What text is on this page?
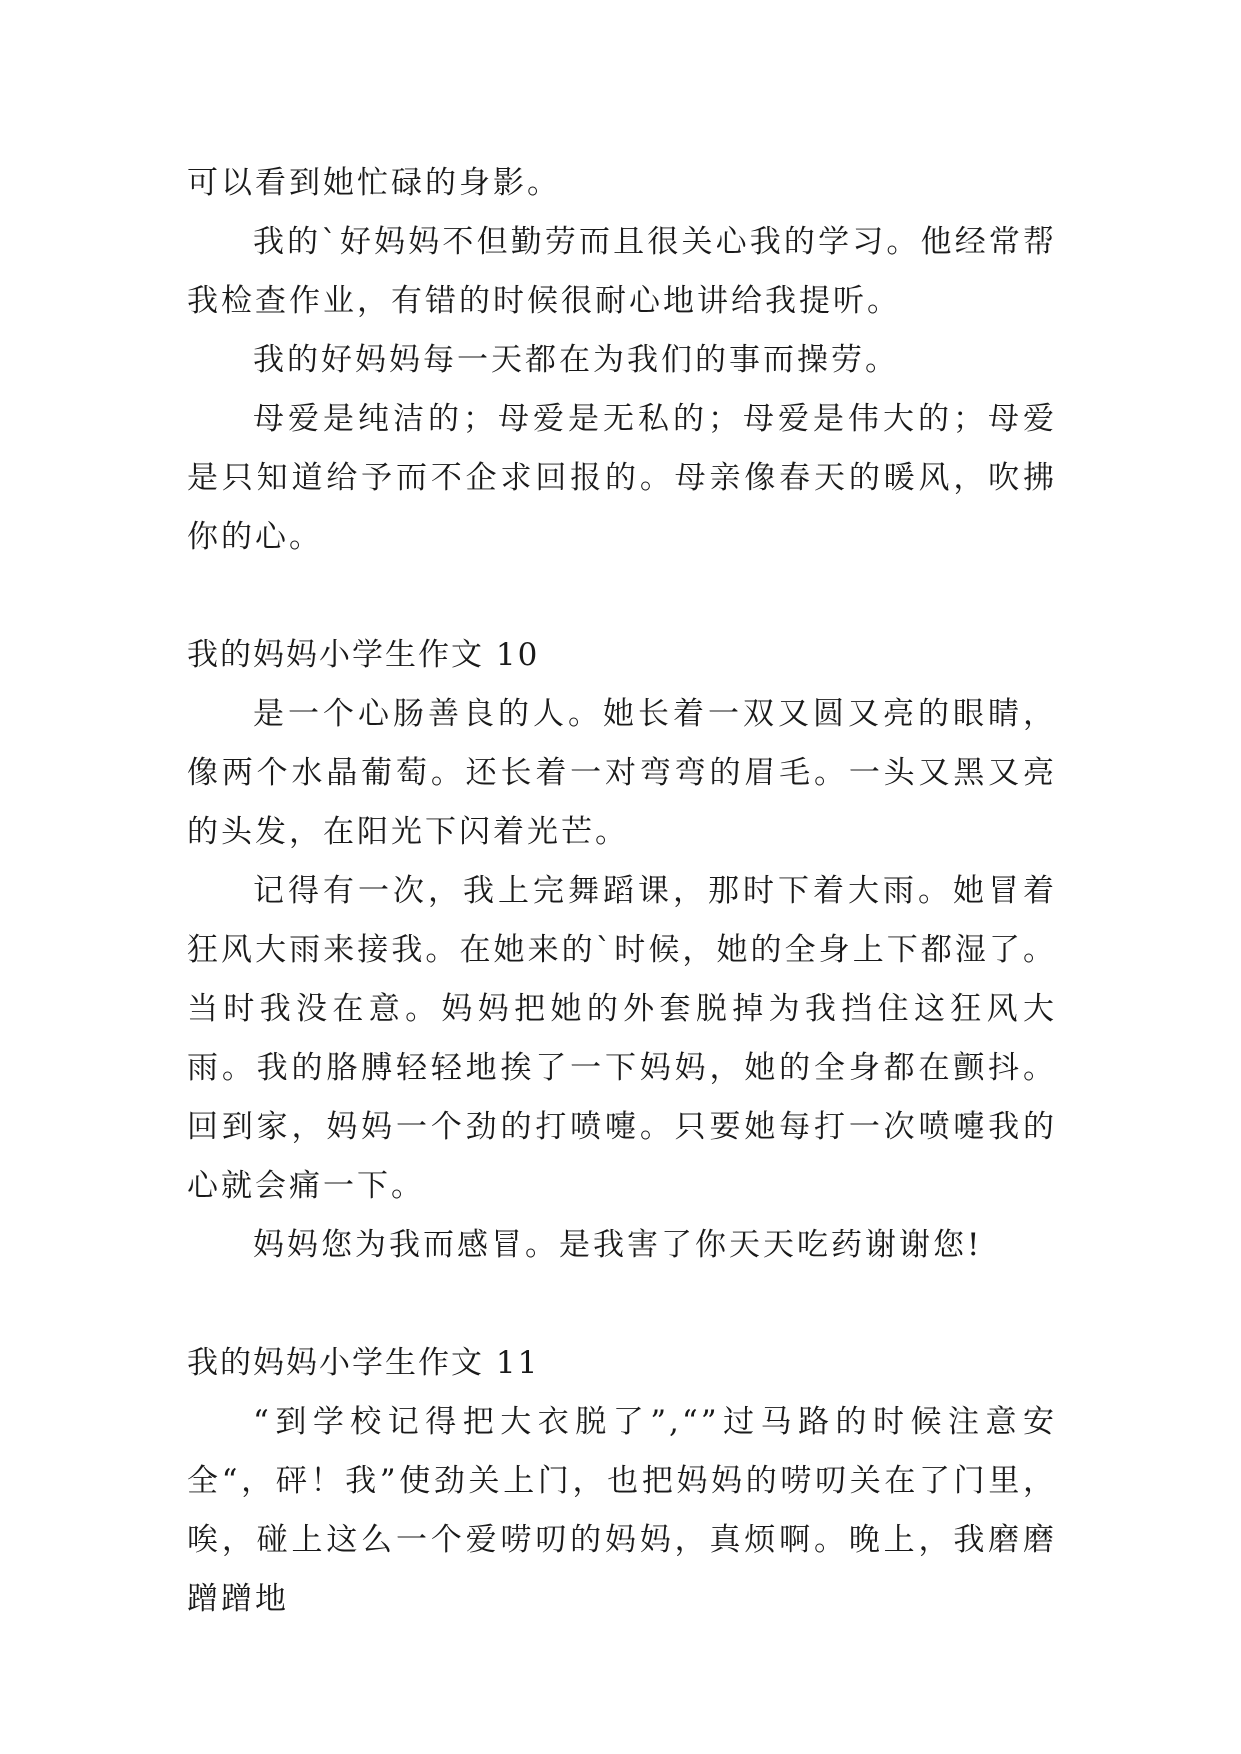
可以看到她忙碌的身影。

我的`好妈妈不但勤劳而且很关心我的学习。他经常帮我检查作业，有错的时候很耐心地讲给我提听。

我的好妈妈每一天都在为我们的事而操劳。

母爱是纯洁的；母爱是无私的；母爱是伟大的；母爱是只知道给予而不企求回报的。母亲像春天的暖风，吹拂你的心。

我的妈妈小学生作文 10

是一个心肠善良的人。她长着一双又圆又亮的眼睛，像两个水晶葡萄。还长着一对弯弯的眉毛。一头又黑又亮的头发，在阳光下闪着光芒。

记得有一次，我上完舞蹈课，那时下着大雨。她冒着狂风大雨来接我。在她来的`时候，她的全身上下都湿了。当时我没在意。妈妈把她的外套脱掉为我挡住这狂风大雨。我的胳膊轻轻地挨了一下妈妈，她的全身都在颤抖。回到家，妈妈一个劲的打喷嚏。只要她每打一次喷嚏我的心就会痛一下。

妈妈您为我而感冒。是我害了你天天吃药谢谢您!

我的妈妈小学生作文 11

“到学校记得把大衣脱了”,“”过马路的时候注意安全“，砰！我”使劲关上门，也把妈妈的唠叨关在了门里，唉，碰上这么一个爱唠叨的妈妈，真烦啊。晚上，我磨磨蹭蹭地
